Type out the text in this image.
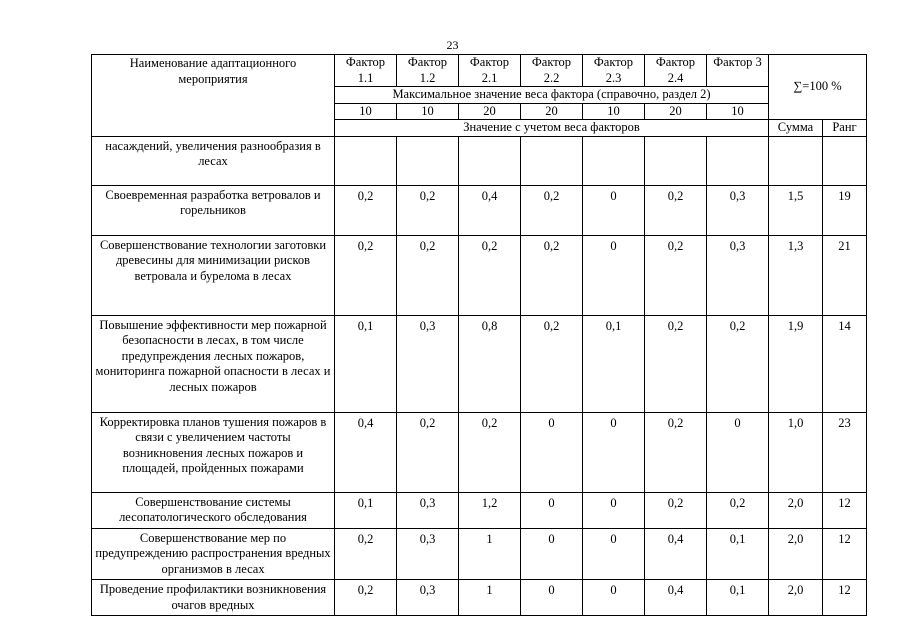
23
Наименование адаптационного мероприятия	Фактор 1.1	Фактор 1.2	Фактор 2.1	Фактор 2.2	Фактор 2.3	Фактор 2.4	Фактор 3	∑=100 %	
	Максимальное значение веса фактора (справочно, раздел 2)								
	10	10	20	20	10	20	10		
	Значение с учетом веса факторов							Сумма	Ранг
насаждений, увеличения разнообразия в лесах									
Своевременная разработка ветровалов и горельников	0,2	0,2	0,4	0,2	0	0,2	0,3	1,5	19
Совершенствование технологии заготовки древесины для минимизации рисков ветровала и бурелома в лесах	0,2	0,2	0,2	0,2	0	0,2	0,3	1,3	21
Повышение эффективности мер пожарной безопасности в лесах, в том числе предупреждения лесных пожаров, мониторинга пожарной опасности в лесах и лесных пожаров	0,1	0,3	0,8	0,2	0,1	0,2	0,2	1,9	14
Корректировка планов тушения пожаров в связи с увеличением частоты возникновения лесных пожаров и площадей, пройденных пожарами	0,4	0,2	0,2	0	0	0,2	0	1,0	23
Совершенствование системы лесопатологического обследования	0,1	0,3	1,2	0	0	0,2	0,2	2,0	12
Совершенствование мер по предупреждению распространения вредных организмов в лесах	0,2	0,3	1	0	0	0,4	0,1	2,0	12
Проведение профилактики возникновения очагов вредных	0,2	0,3	1	0	0	0,4	0,1	2,0	12
